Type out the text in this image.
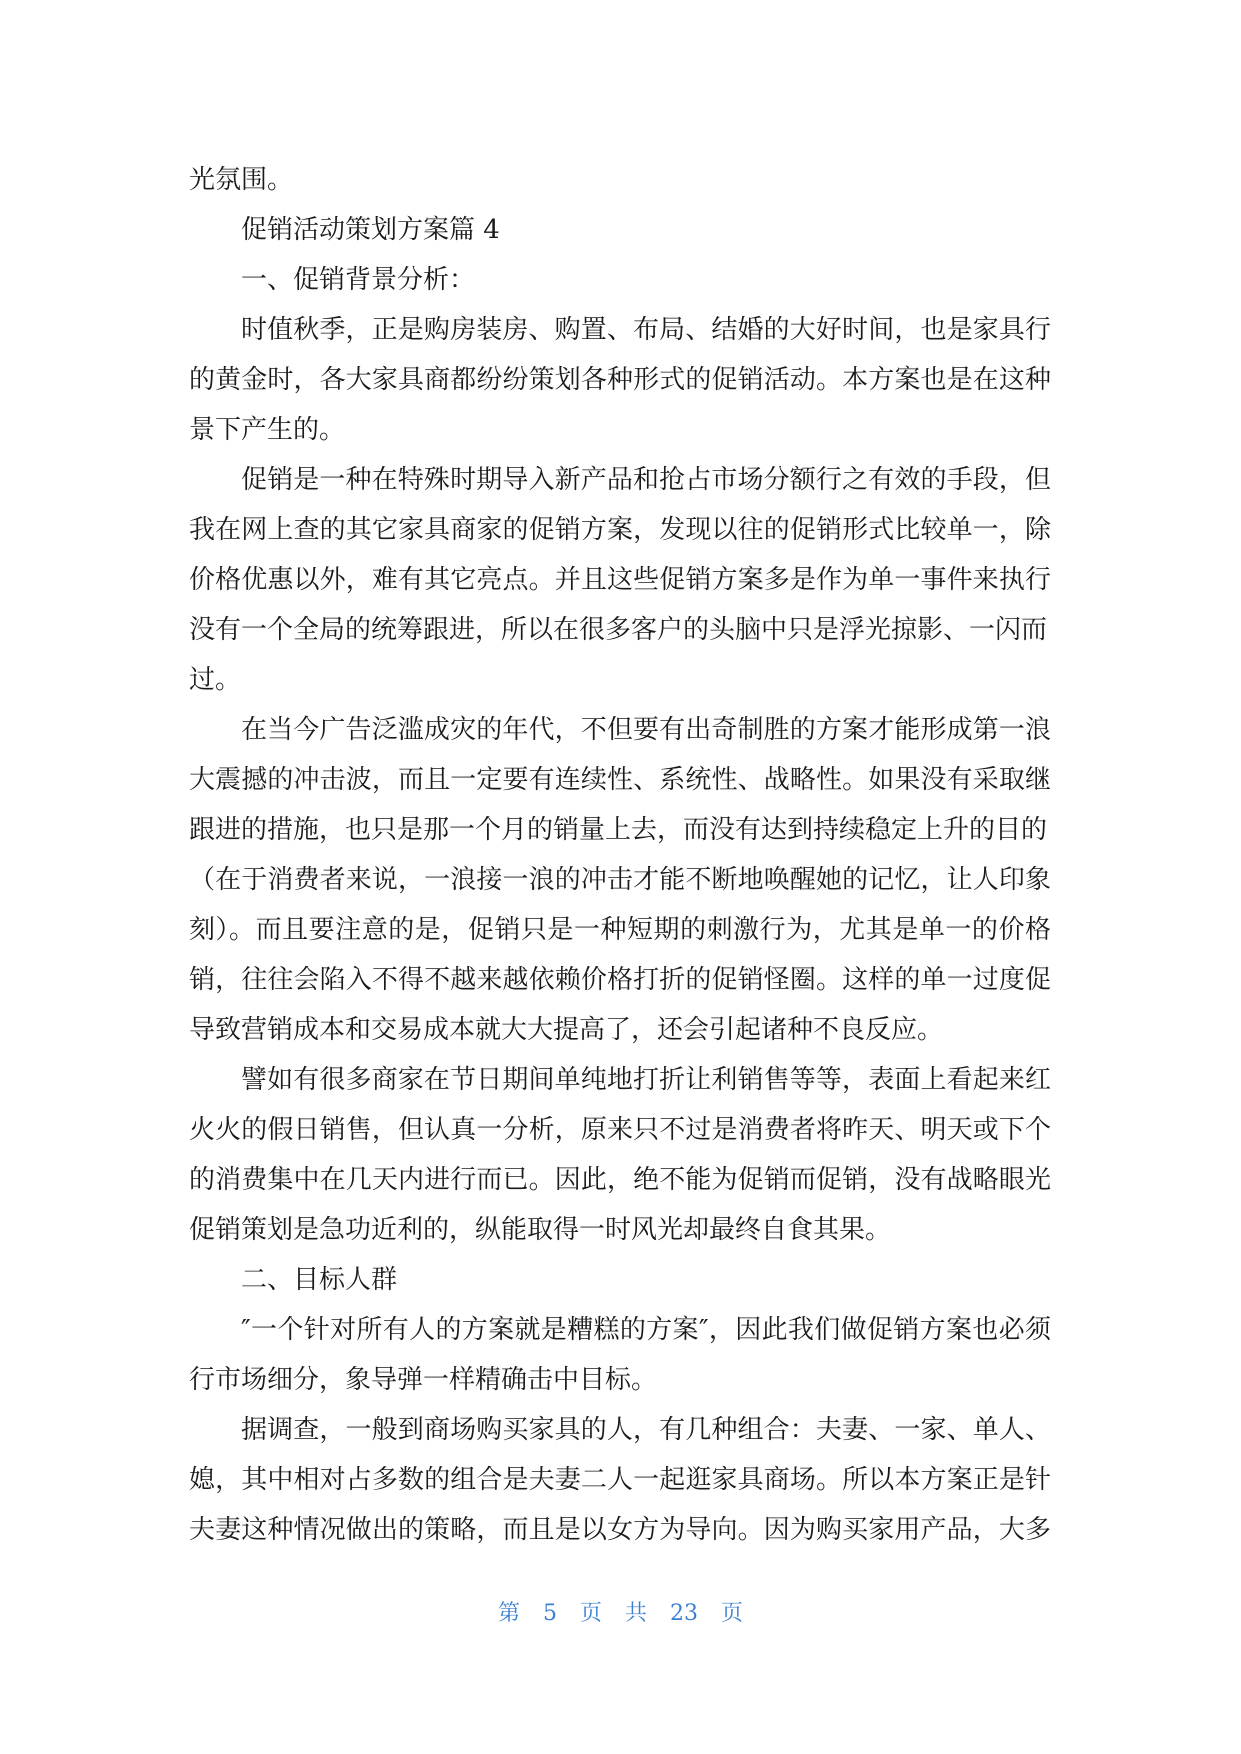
光氛围。
促销活动策划方案篇 4
一、促销背景分析：
时值秋季，正是购房装房、购置、布局、结婚的大好时间，也是家具行
的黄金时，各大家具商都纷纷策划各种形式的促销活动。本方案也是在这种
景下产生的。
促销是一种在特殊时期导入新产品和抢占市场分额行之有效的手段，但
我在网上查的其它家具商家的促销方案，发现以往的促销形式比较单一，除
价格优惠以外，难有其它亮点。并且这些促销方案多是作为单一事件来执行
没有一个全局的统筹跟进，所以在很多客户的头脑中只是浮光掠影、一闪而
过。
在当今广告泛滥成灾的年代，不但要有出奇制胜的方案才能形成第一浪
大震撼的冲击波，而且一定要有连续性、系统性、战略性。如果没有采取继
跟进的措施，也只是那一个月的销量上去，而没有达到持续稳定上升的目的
（在于消费者来说，一浪接一浪的冲击才能不断地唤醒她的记忆，让人印象
刻）。而且要注意的是，促销只是一种短期的刺激行为，尤其是单一的价格
销，往往会陷入不得不越来越依赖价格打折的促销怪圈。这样的单一过度促
导致营销成本和交易成本就大大提高了，还会引起诸种不良反应。
譬如有很多商家在节日期间单纯地打折让利销售等等，表面上看起来红
火火的假日销售，但认真一分析，原来只不过是消费者将昨天、明天或下个
的消费集中在几天内进行而已。因此，绝不能为促销而促销，没有战略眼光
促销策划是急功近利的，纵能取得一时风光却最终自食其果。
二、目标人群
″一个针对所有人的方案就是糟糕的方案″，因此我们做促销方案也必须
行市场细分，象导弹一样精确击中目标。
据调查，一般到商场购买家具的人，有几种组合：夫妻、一家、单人、
媳，其中相对占多数的组合是夫妻二人一起逛家具商场。所以本方案正是针
夫妻这种情况做出的策略，而且是以女方为导向。因为购买家用产品，大多
第 5 页 共 23 页
